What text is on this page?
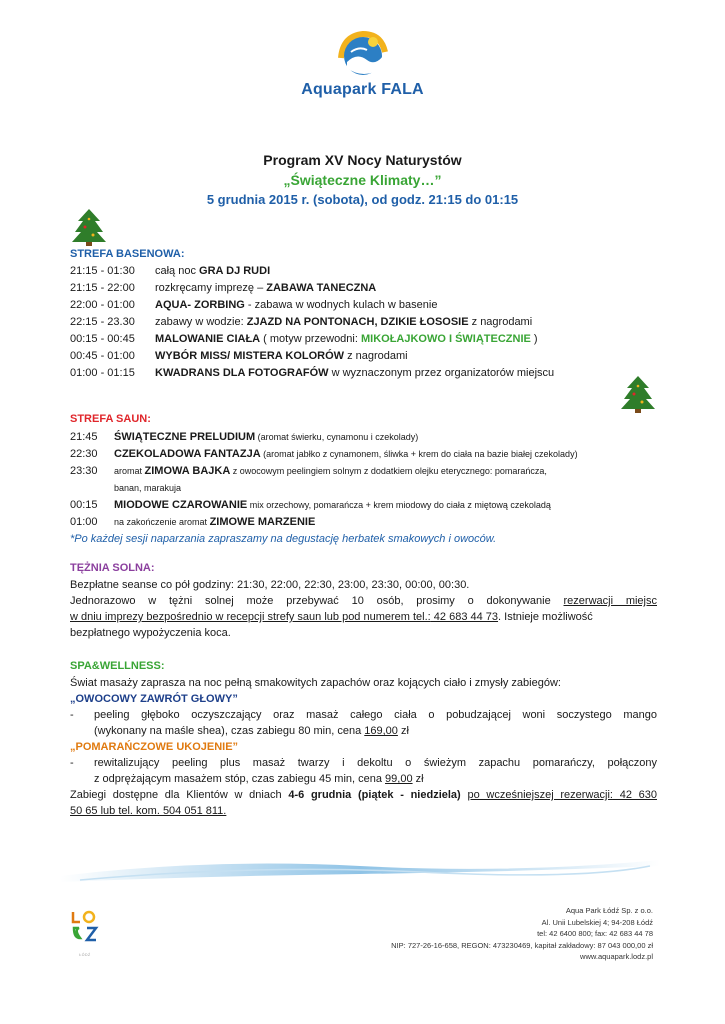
Aquapark FALA
Program XV Nocy Naturystów
„Świąteczne Klimaty…”
5 grudnia 2015 r. (sobota), od godz. 21:15 do 01:15
STREFA BASENOWA:
21:15 - 01:30 całą noc GRA DJ RUDI
21:15 - 22:00 rozkręcamy imprezę – ZABAWA TANECZNA
22:00 - 01:00 AQUA- ZORBING - zabawa w wodnych kulach w basenie
22:15 - 23.30 zabawy w wodzie: ZJAZD NA PONTONACH, DZIKIE ŁOSOSIE z nagrodami
00:15 - 00:45 MALOWANIE CIAŁA ( motyw przewodni: MIKOŁAJKOWO I ŚWIĄTECZNIE )
00:45 - 01:00 WYBÓR MISS/ MISTERA KOLORÓW z nagrodami
01:00 - 01:15 KWADRANS DLA FOTOGRAFÓW w wyznaczonym przez organizatorów miejscu
STREFA SAUN:
21:45 ŚWIĄTECZNE PRELUDIUM (aromat świerku, cynamonu i czekolady)
22:30 CZEKOLADOWA FANTAZJA (aromat jabłko z cynamonem, śliwka + krem do ciała na bazie białej czekolady)
23:30 aromat ZIMOWA BAJKA z owocowym peelingiem solnym z dodatkiem olejku eterycznego: pomarańcza,
banan, marakuja
00:15 MIODOWE CZAROWANIE mix orzechowy, pomarańcza + krem miodowy do ciała z miętową czekoladą
01:00 na zakończenie aromat ZIMOWE MARZENIE
*Po każdej sesji naparzania zapraszamy na degustację herbatek smakowych i owoców.
TĘŻNIA SOLNA:
Bezpłatne seanse co pół godziny: 21:30, 22:00, 22:30, 23:00, 23:30, 00:00, 00:30.
Jednorazowo w tężni solnej może przebywać 10 osób, prosimy o dokonywanie rezerwacji miejsc
w dniu imprezy bezpośrednio w recepcji strefy saun lub pod numerem tel.: 42 683 44 73. Istnieje możliwość
bezpłatnego wypożyczenia koca.
SPA&WELLNESS:
Świat masaży zaprasza na noc pełną smakowitych zapachów oraz kojących ciało i zmysły zabiegów:
„OWOCOWY ZAWRÓT GŁOWY”
-	peeling głęboko oczyszczający oraz masaż całego ciała o pobudzającej woni soczystego mango
(wykonany na maśle shea), czas zabiegu 80 min, cena 169,00 zł
„POMARAŃCZOWE UKOJENIE”
-	rewitalizujący peeling plus masaż twarzy i dekoltu o świeżym zapachu pomarańczy, połączony
z odprężającym masażem stóp, czas zabiegu 45 min, cena 99,00 zł
Zabiegi dostępne dla Klientów w dniach 4-6 grudnia (piątek - niedziela) po wcześniejszej rezerwacji: 42 630
50 65 lub tel. kom. 504 051 811.
ŁÓDŹ
Aqua Park Łódź Sp. z o.o.
Al. Unii Lubelskiej 4; 94-208 Łódź
tel: 42 6400 800; fax: 42 683 44 78
NIP: 727-26-16-658, REGON: 473230469, kapitał zakładowy: 87 043 000,00 zł
www.aquapark.lodz.pl
